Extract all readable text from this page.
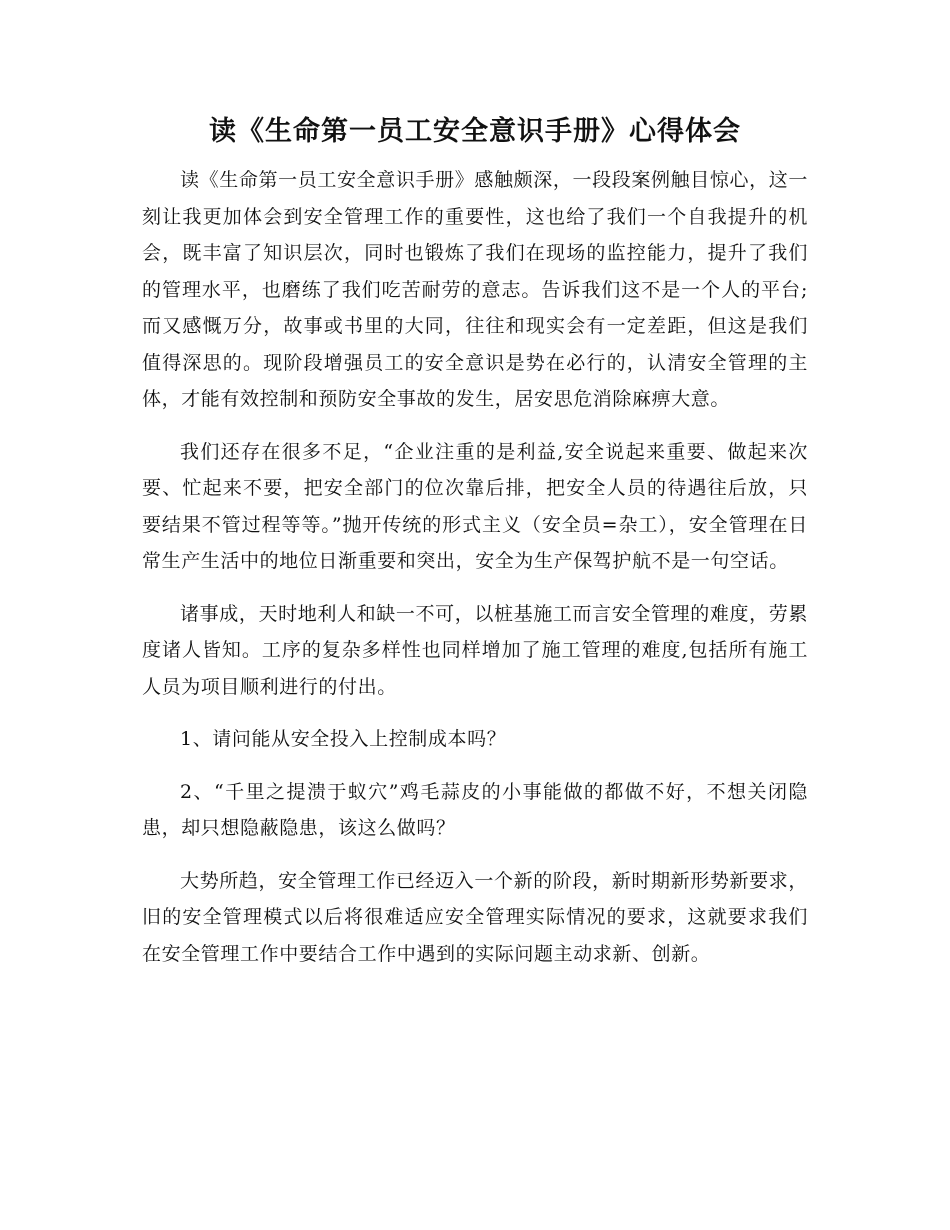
读《生命第一员工安全意识手册》心得体会

读《生命第一员工安全意识手册》感触颇深，一段段案例触目惊心，这一刻让我更加体会到安全管理工作的重要性，这也给了我们一个自我提升的机会，既丰富了知识层次，同时也锻炼了我们在现场的监控能力，提升了我们的管理水平，也磨练了我们吃苦耐劳的意志。告诉我们这不是一个人的平台;而又感慨万分，故事或书里的大同，往往和现实会有一定差距，但这是我们值得深思的。现阶段增强员工的安全意识是势在必行的，认清安全管理的主体，才能有效控制和预防安全事故的发生，居安思危消除麻痹大意。

我们还存在很多不足，“企业注重的是利益,安全说起来重要、做起来次要、忙起来不要，把安全部门的位次靠后排，把安全人员的待遇往后放，只要结果不管过程等等。”抛开传统的形式主义（安全员=杂工），安全管理在日常生产生活中的地位日渐重要和突出，安全为生产保驾护航不是一句空话。

诸事成，天时地利人和缺一不可，以桩基施工而言安全管理的难度，劳累度诸人皆知。工序的复杂多样性也同样增加了施工管理的难度,包括所有施工人员为项目顺利进行的付出。

1、请问能从安全投入上控制成本吗？

2、“千里之提溃于蚁穴”鸡毛蒜皮的小事能做的都做不好，不想关闭隐患，却只想隐蔽隐患，该这么做吗？

大势所趋，安全管理工作已经迈入一个新的阶段，新时期新形势新要求，旧的安全管理模式以后将很难适应安全管理实际情况的要求，这就要求我们在安全管理工作中要结合工作中遇到的实际问题主动求新、创新。
